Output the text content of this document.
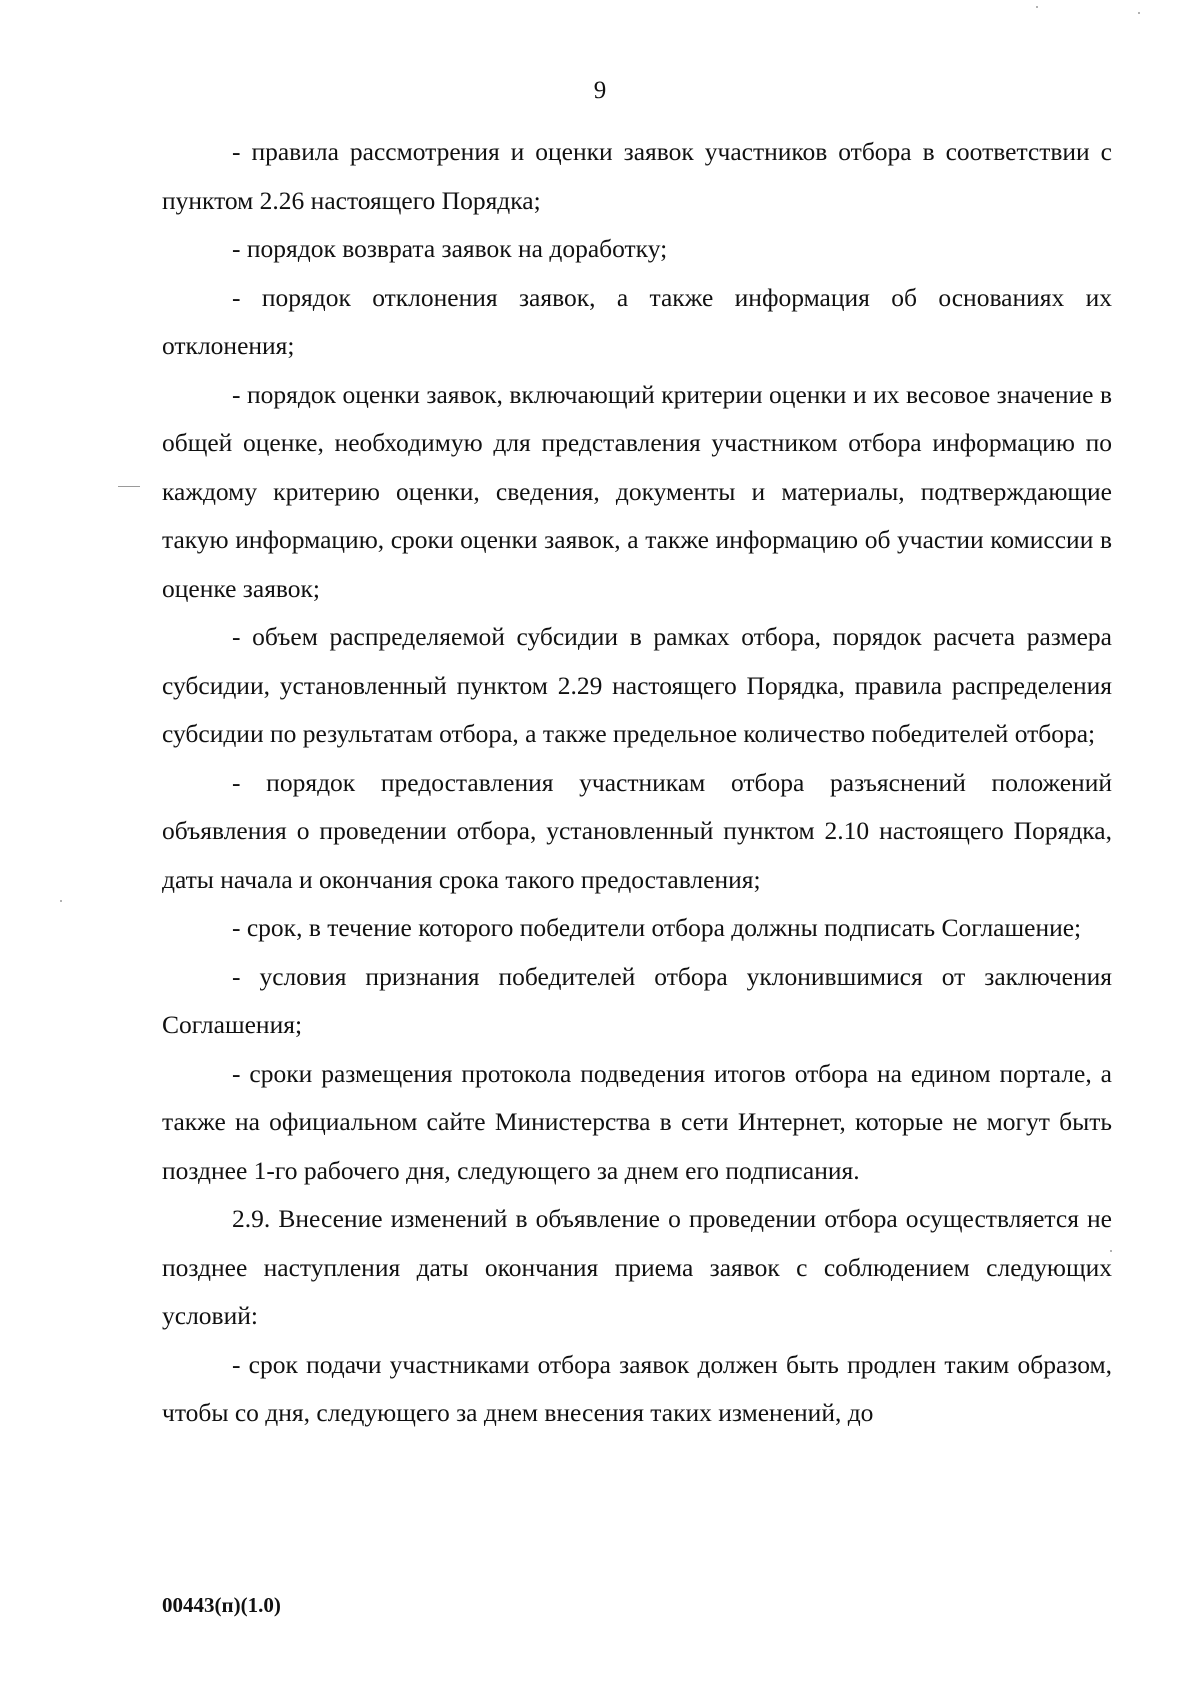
9

- правила рассмотрения и оценки заявок участников отбора в соответствии с пунктом 2.26 настоящего Порядка;

- порядок возврата заявок на доработку;

- порядок отклонения заявок, а также информация об основаниях их отклонения;

- порядок оценки заявок, включающий критерии оценки и их весовое значение в общей оценке, необходимую для представления участником отбора информацию по каждому критерию оценки, сведения, документы и материалы, подтверждающие такую информацию, сроки оценки заявок, а также информацию об участии комиссии в оценке заявок;

- объем распределяемой субсидии в рамках отбора, порядок расчета размера субсидии, установленный пунктом 2.29 настоящего Порядка, правила распределения субсидии по результатам отбора, а также предельное количество победителей отбора;

- порядок предоставления участникам отбора разъяснений положений объявления о проведении отбора, установленный пунктом 2.10 настоящего Порядка, даты начала и окончания срока такого предоставления;

- срок, в течение которого победители отбора должны подписать Соглашение;

- условия признания победителей отбора уклонившимися от заключения Соглашения;

- сроки размещения протокола подведения итогов отбора на едином портале, а также на официальном сайте Министерства в сети Интернет, которые не могут быть позднее 1-го рабочего дня, следующего за днем его подписания.

2.9. Внесение изменений в объявление о проведении отбора осуществляется не позднее наступления даты окончания приема заявок с соблюдением следующих условий:

- срок подачи участниками отбора заявок должен быть продлен таким образом, чтобы со дня, следующего за днем внесения таких изменений, до

00443(п)(1.0)
